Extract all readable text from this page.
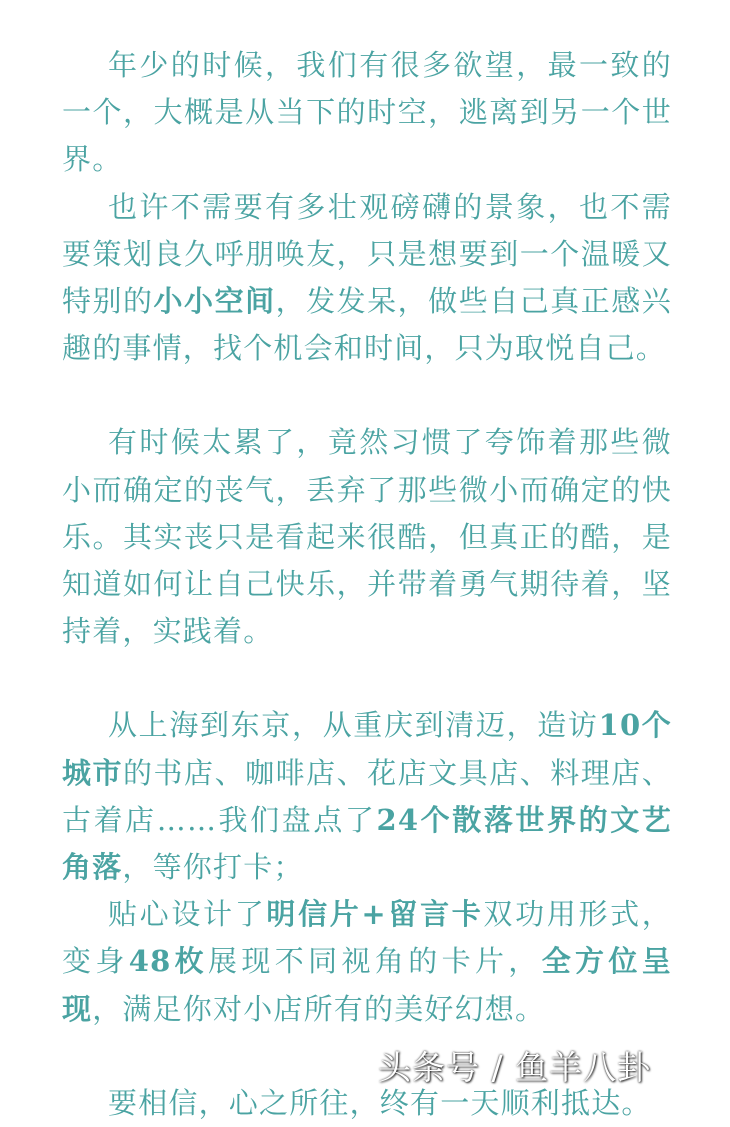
年少的时候，我们有很多欲望，最一致的一个，大概是从当下的时空，逃离到另一个世界。

也许不需要有多壮观磅礴的景象，也不需要策划良久呼朋唤友，只是想要到一个温暖又特别的小小空间，发发呆，做些自己真正感兴趣的事情，找个机会和时间，只为取悦自己。

有时候太累了，竟然习惯了夸饰着那些微小而确定的丧气，丢弃了那些微小而确定的快乐。其实丧只是看起来很酷，但真正的酷，是知道如何让自己快乐，并带着勇气期待着，坚持着，实践着。

从上海到东京，从重庆到清迈，造访10个城市的书店、咖啡店、花店文具店、料理店、古着店……我们盘点了24个散落世界的文艺角落，等你打卡；

贴心设计了明信片+留言卡双功用形式，变身48枚展现不同视角的卡片，全方位呈现，满足你对小店所有的美好幻想。

要相信，心之所往，终有一天顺利抵达。

头条号 / 鱼羊八卦
